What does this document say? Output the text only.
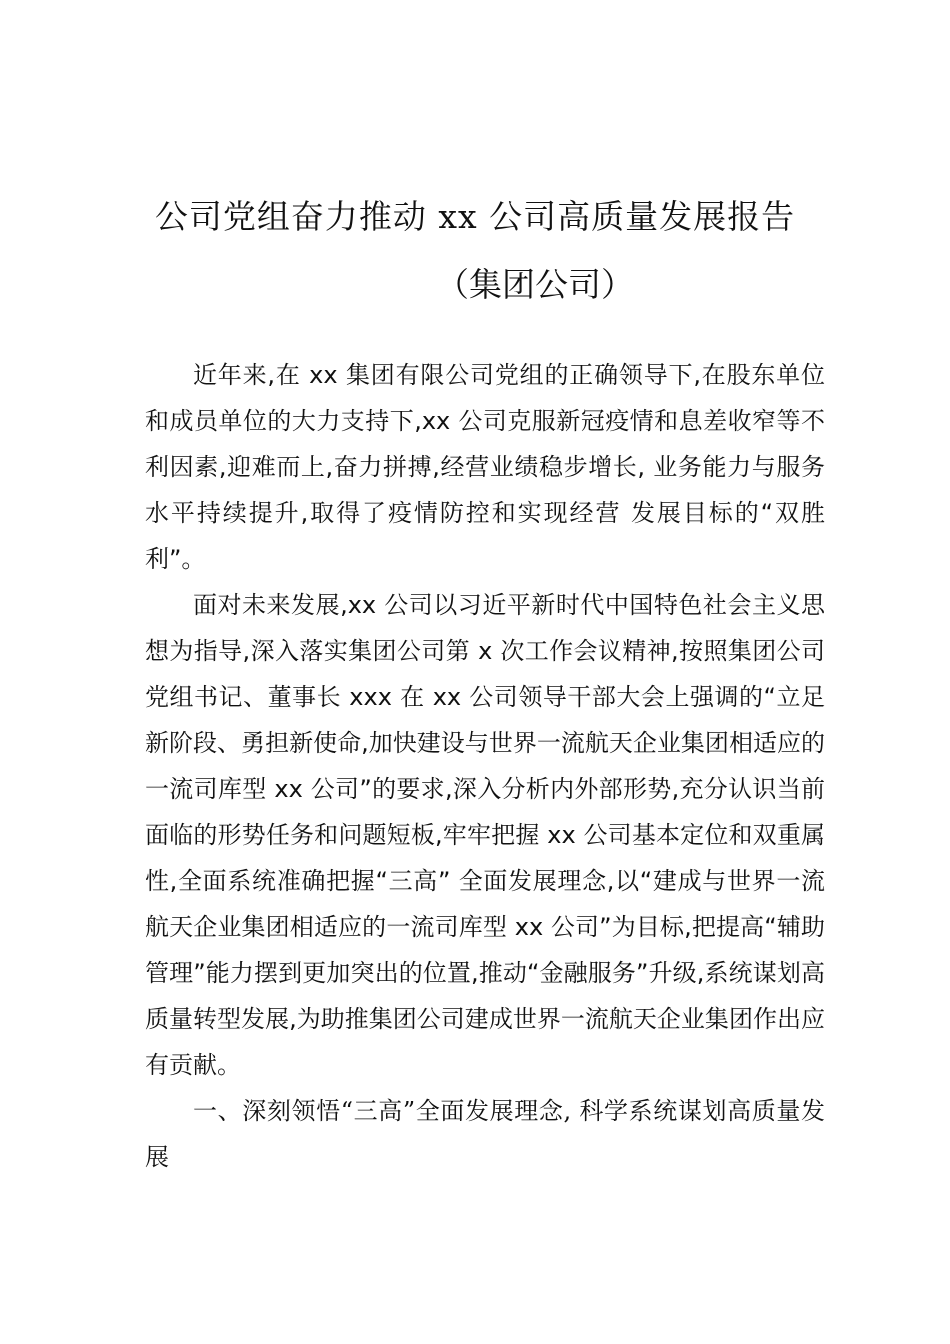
公司党组奋力推动 xx 公司高质量发展报告
（集团公司）

近年来,在 xx 集团有限公司党组的正确领导下,在股东单位和成员单位的大力支持下,xx 公司克服新冠疫情和息差收窄等不利因素,迎难而上,奋力拼搏,经营业绩稳步增长, 业务能力与服务水平持续提升,取得了疫情防控和实现经营 发展目标的“双胜利”。

面对未来发展,xx 公司以习近平新时代中国特色社会主义思想为指导,深入落实集团公司第 x 次工作会议精神,按照集团公司党组书记、董事长 xxx 在 xx 公司领导干部大会上强调的“立足新阶段、勇担新使命,加快建设与世界一流航天企业集团相适应的一流司库型 xx 公司”的要求,深入分析内外部形势,充分认识当前面临的形势任务和问题短板,牢牢把握 xx 公司基本定位和双重属性,全面系统准确把握“三高” 全面发展理念,以“建成与世界一流航天企业集团相适应的一流司库型 xx 公司”为目标,把提高“辅助管理”能力摆到更加突出的位置,推动“金融服务”升级,系统谋划高质量转型发展,为助推集团公司建成世界一流航天企业集团作出应有贡献。

一、深刻领悟“三高”全面发展理念, 科学系统谋划高质量发展
